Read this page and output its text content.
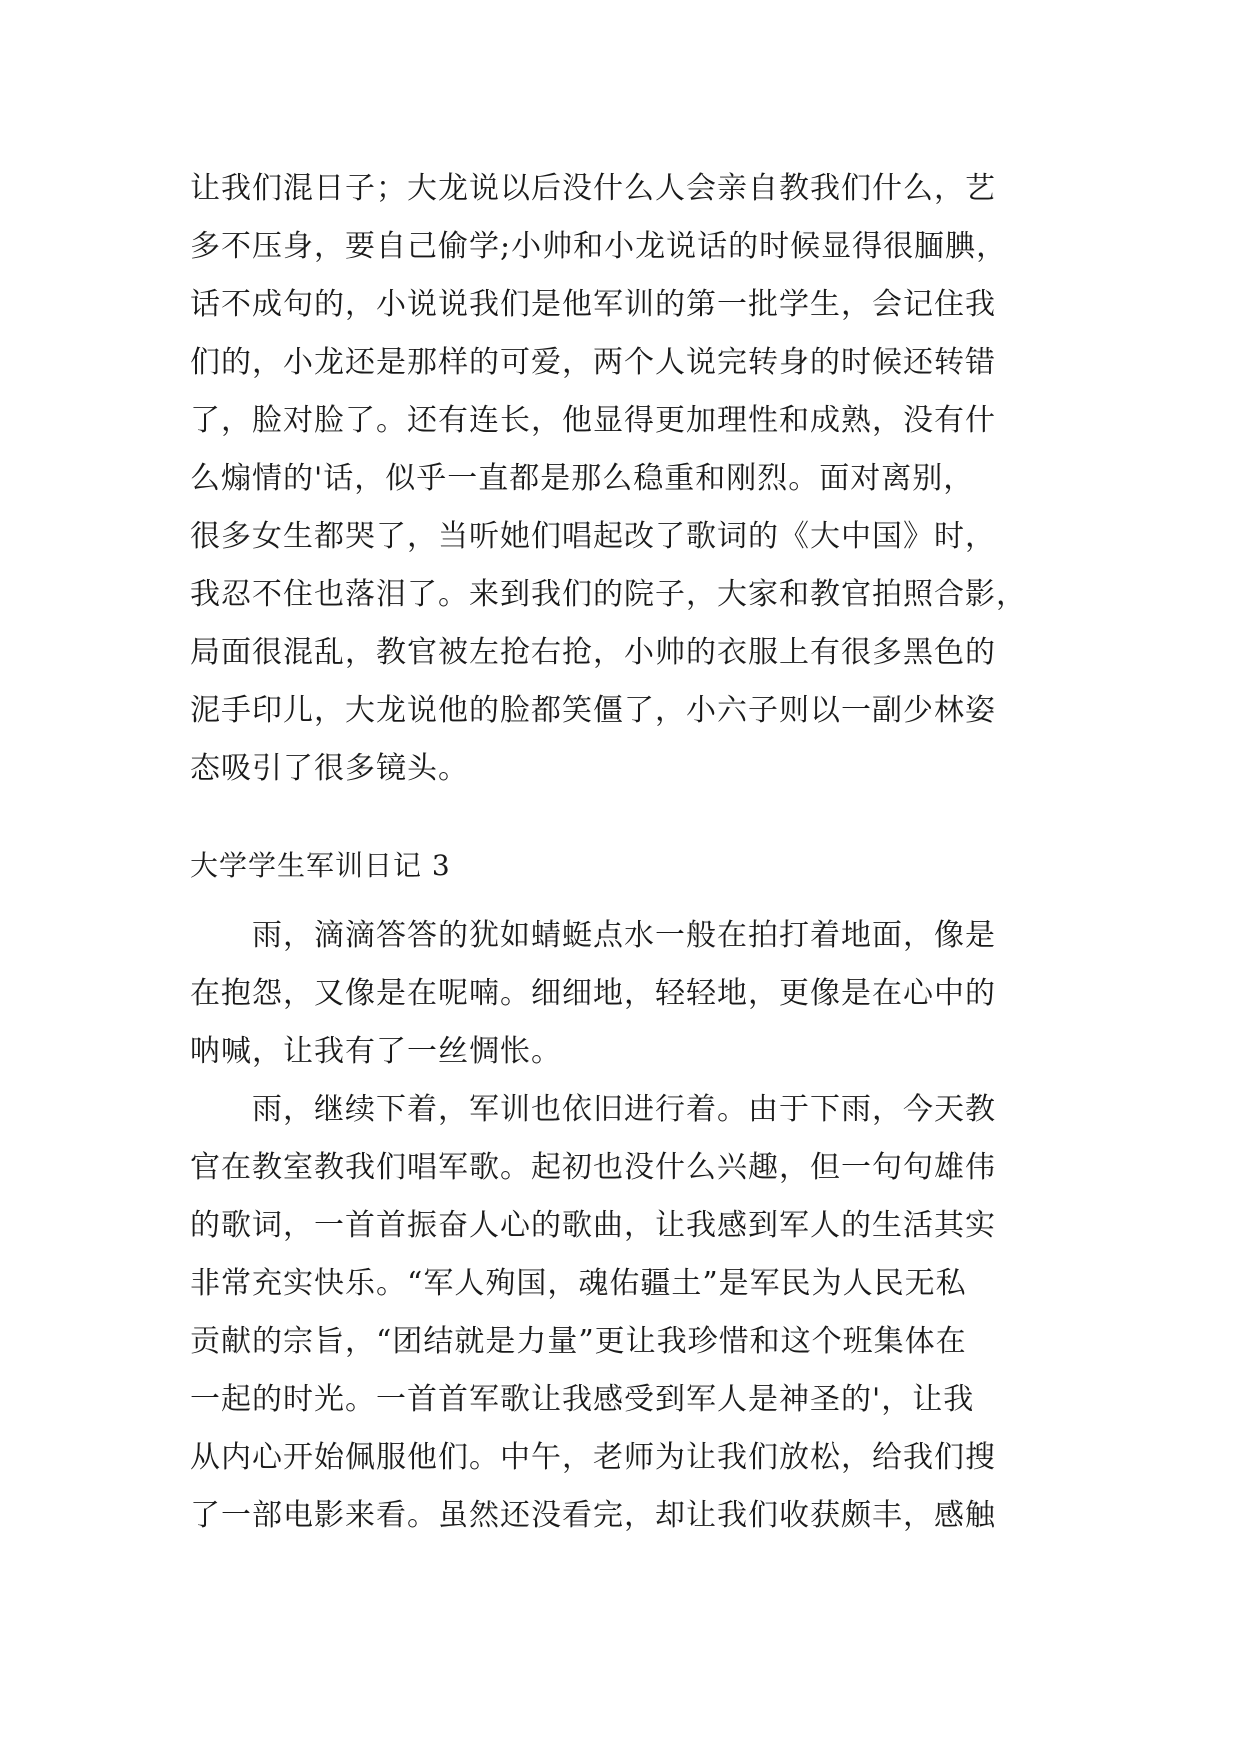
让我们混日子；大龙说以后没什么人会亲自教我们什么，艺
多不压身，要自己偷学;小帅和小龙说话的时候显得很腼腆，
话不成句的，小说说我们是他军训的第一批学生，会记住我
们的，小龙还是那样的可爱，两个人说完转身的时候还转错
了，脸对脸了。还有连长，他显得更加理性和成熟，没有什
么煽情的'话，似乎一直都是那么稳重和刚烈。面对离别，
很多女生都哭了，当听她们唱起改了歌词的《大中国》时，
我忍不住也落泪了。来到我们的院子，大家和教官拍照合影，
局面很混乱，教官被左抢右抢，小帅的衣服上有很多黑色的
泥手印儿，大龙说他的脸都笑僵了，小六子则以一副少林姿
态吸引了很多镜头。
大学学生军训日记 3
　　雨，滴滴答答的犹如蜻蜓点水一般在拍打着地面，像是
在抱怨，又像是在呢喃。细细地，轻轻地，更像是在心中的
呐喊，让我有了一丝惆怅。
　　雨，继续下着，军训也依旧进行着。由于下雨，今天教
官在教室教我们唱军歌。起初也没什么兴趣，但一句句雄伟
的歌词，一首首振奋人心的歌曲，让我感到军人的生活其实
非常充实快乐。“军人殉国，魂佑疆土”是军民为人民无私
贡献的宗旨，“团结就是力量”更让我珍惜和这个班集体在
一起的时光。一首首军歌让我感受到军人是神圣的'，让我
从内心开始佩服他们。中午，老师为让我们放松，给我们搜
了一部电影来看。虽然还没看完，却让我们收获颇丰，感触
